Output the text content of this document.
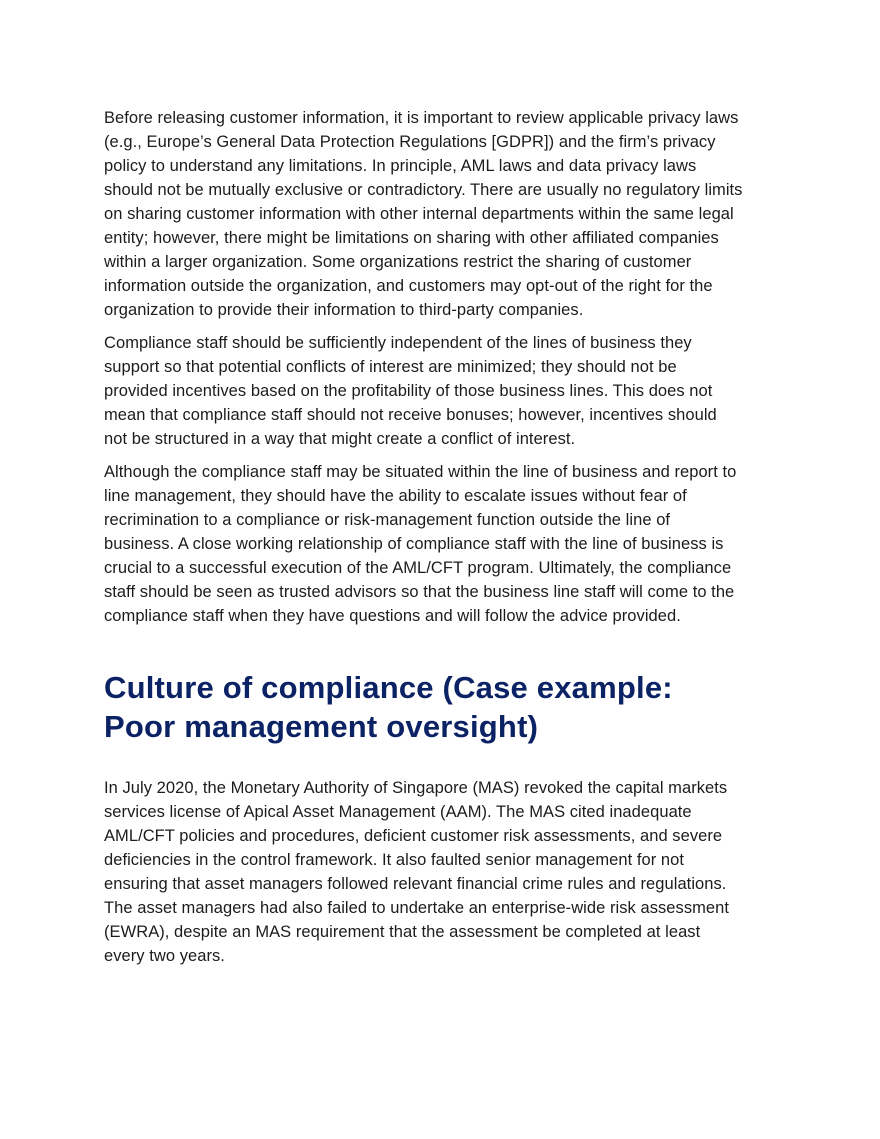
Before releasing customer information, it is important to review applicable privacy laws (e.g., Europe’s General Data Protection Regulations [GDPR]) and the firm’s privacy policy to understand any limitations. In principle, AML laws and data privacy laws should not be mutually exclusive or contradictory. There are usually no regulatory limits on sharing customer information with other internal departments within the same legal entity; however, there might be limitations on sharing with other affiliated companies within a larger organization. Some organizations restrict the sharing of customer information outside the organization, and customers may opt-out of the right for the organization to provide their information to third-party companies.

Compliance staff should be sufficiently independent of the lines of business they support so that potential conflicts of interest are minimized; they should not be provided incentives based on the profitability of those business lines. This does not mean that compliance staff should not receive bonuses; however, incentives should not be structured in a way that might create a conflict of interest.

Although the compliance staff may be situated within the line of business and report to line management, they should have the ability to escalate issues without fear of recrimination to a compliance or risk-management function outside the line of business. A close working relationship of compliance staff with the line of business is crucial to a successful execution of the AML/CFT program. Ultimately, the compliance staff should be seen as trusted advisors so that the business line staff will come to the compliance staff when they have questions and will follow the advice provided.

Culture of compliance (Case example: Poor management oversight)

In July 2020, the Monetary Authority of Singapore (MAS) revoked the capital markets services license of Apical Asset Management (AAM). The MAS cited inadequate AML/CFT policies and procedures, deficient customer risk assessments, and severe deficiencies in the control framework. It also faulted senior management for not ensuring that asset managers followed relevant financial crime rules and regulations. The asset managers had also failed to undertake an enterprise-wide risk assessment (EWRA), despite an MAS requirement that the assessment be completed at least every two years.
